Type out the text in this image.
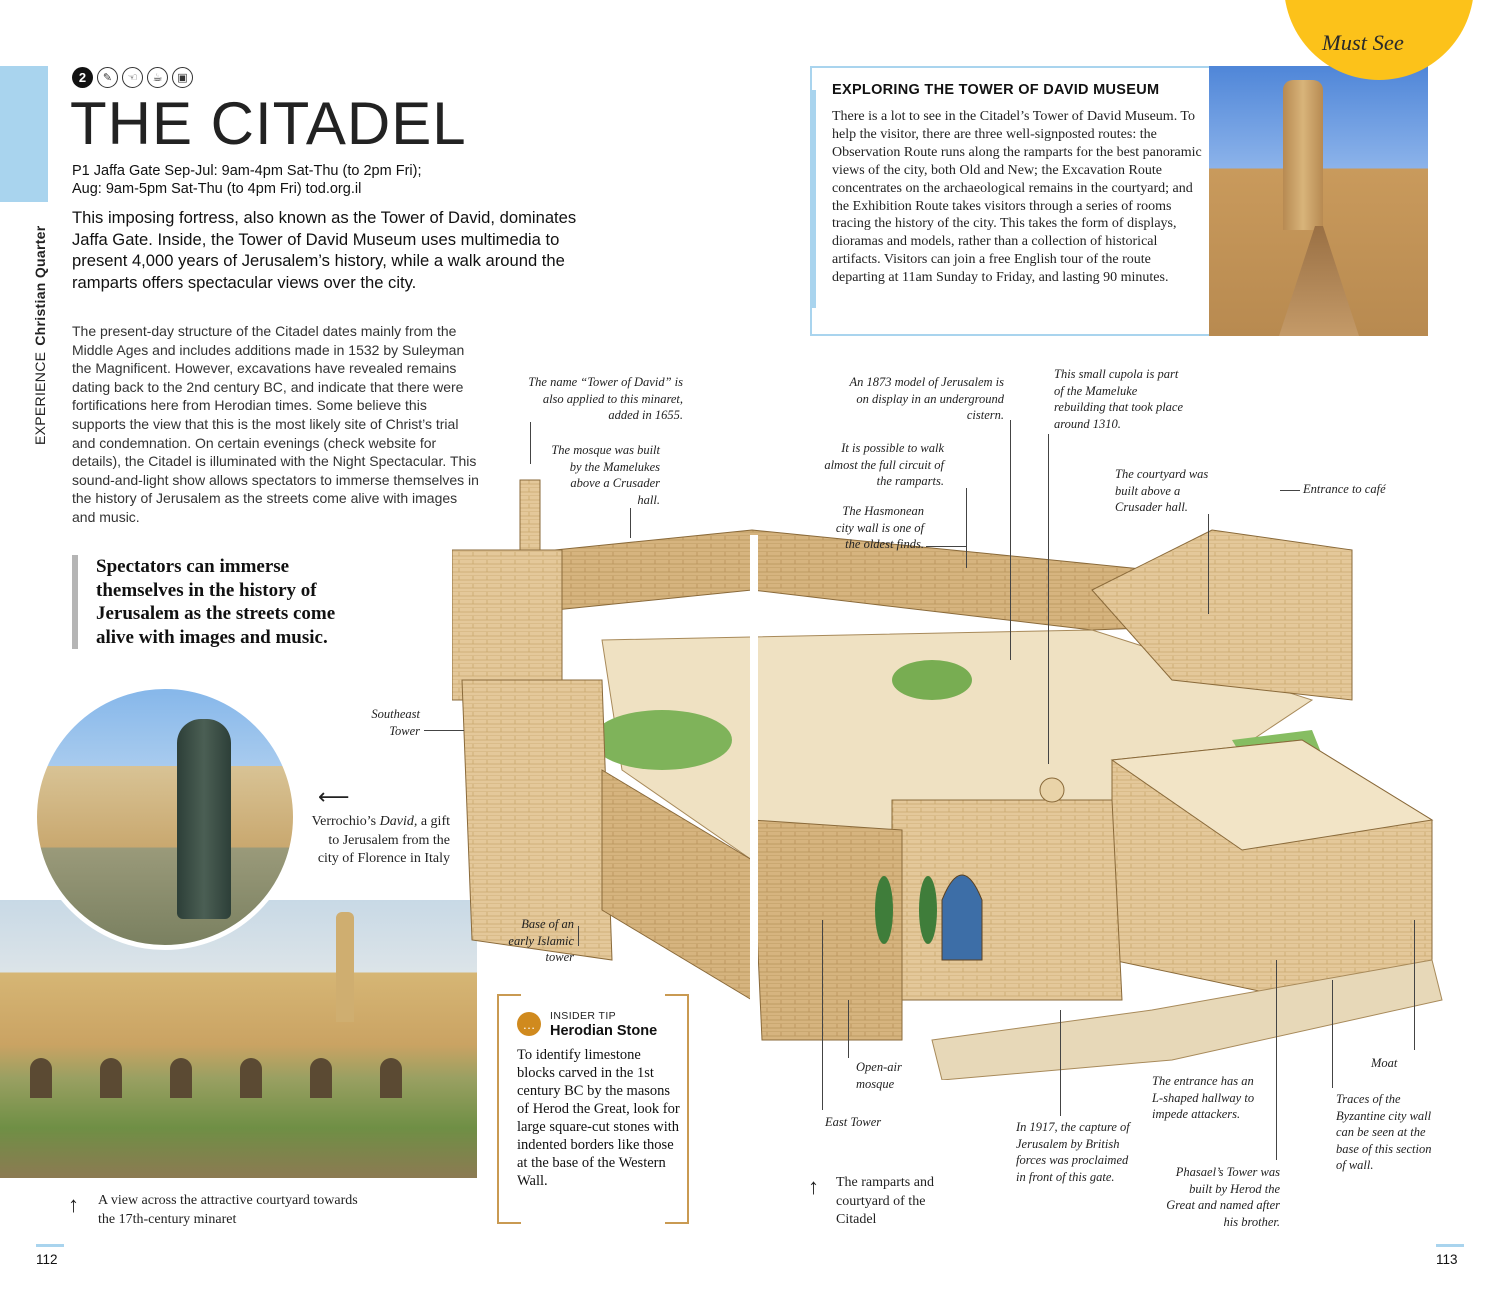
EXPERIENCEChristian Quarter
2	✎	☜	☕	▣
THE CITADEL
P1 Jaffa Gate Sep-Jul: 9am-4pm Sat-Thu (to 2pm Fri);
Aug: 9am-5pm Sat-Thu (to 4pm Fri) tod.org.il

This imposing fortress, also known as the Tower of David, dominates Jaffa Gate. Inside, the Tower of David Museum uses multimedia to present 4,000 years of Jerusalem’s history, while a walk around the ramparts offers spectacular views over the city.

The present-day structure of the Citadel dates mainly from the Middle Ages and includes additions made in 1532 by Suleyman the Magnificent. However, excavations have revealed remains dating back to the 2nd century BC, and indicate that there were fortifications here from Herodian times. Some believe this supports the view that this is the most likely site of Christ’s trial and condemnation. On certain evenings (check website for details), the Citadel is illuminated with the Night Spectacular. This sound-and-light show allows spectators to immerse themselves in the history of Jerusalem as the streets come alive with images and music.

Spectators can immerse themselves in the history of Jerusalem as the streets come alive with images and music.
⟵
Verrochio’s David, a gift to Jerusalem from the city of Florence in Italy
↑ A view across the attractive courtyard towards the 17th-century minaret
…
INSIDER TIP
Herodian Stone
To identify limestone blocks carved in the 1st century BC by the masons of Herod the Great, look for large square-cut stones with indented borders like those at the base of the Western Wall.
112
Must See
EXPLORING THE TOWER OF DAVID MUSEUM
There is a lot to see in the Citadel’s Tower of David Museum. To help the visitor, there are three well-signposted routes: the Observation Route runs along the ramparts for the best panoramic views of the city, both Old and New; the Excavation Route concentrates on the archaeological remains in the courtyard; and the Exhibition Route takes visitors through a series of rooms tracing the history of the city. This takes the form of displays, dioramas and models, rather than a collection of historical artifacts. Visitors can join a free English tour of the route departing at 11am Sunday to Friday, and lasting 90 minutes.
The name “Tower of David” is also applied to this minaret, added in 1655.
The mosque was built by the Mamelukes above a Crusader hall.
An 1873 model of Jerusalem is on display in an underground cistern.
This small cupola is part of the Mameluke rebuilding that took place around 1310.
It is possible to walk almost the full circuit of the ramparts.	The courtyard was built above a Crusader hall.
Entrance to café
The Hasmonean city wall is one of the oldest finds.
Southeast Tower
Base of an early Islamic tower
Open-air mosque
East Tower	In 1917, the capture of Jerusalem by British forces was proclaimed in front of this gate.
The entrance has an L-shaped hallway to impede attackers.
Phasael’s Tower was built by Herod the Great and named after his brother.
Moat
Traces of the Byzantine city wall can be seen at the base of this section of wall.
↑ The ramparts and courtyard of the Citadel
113
